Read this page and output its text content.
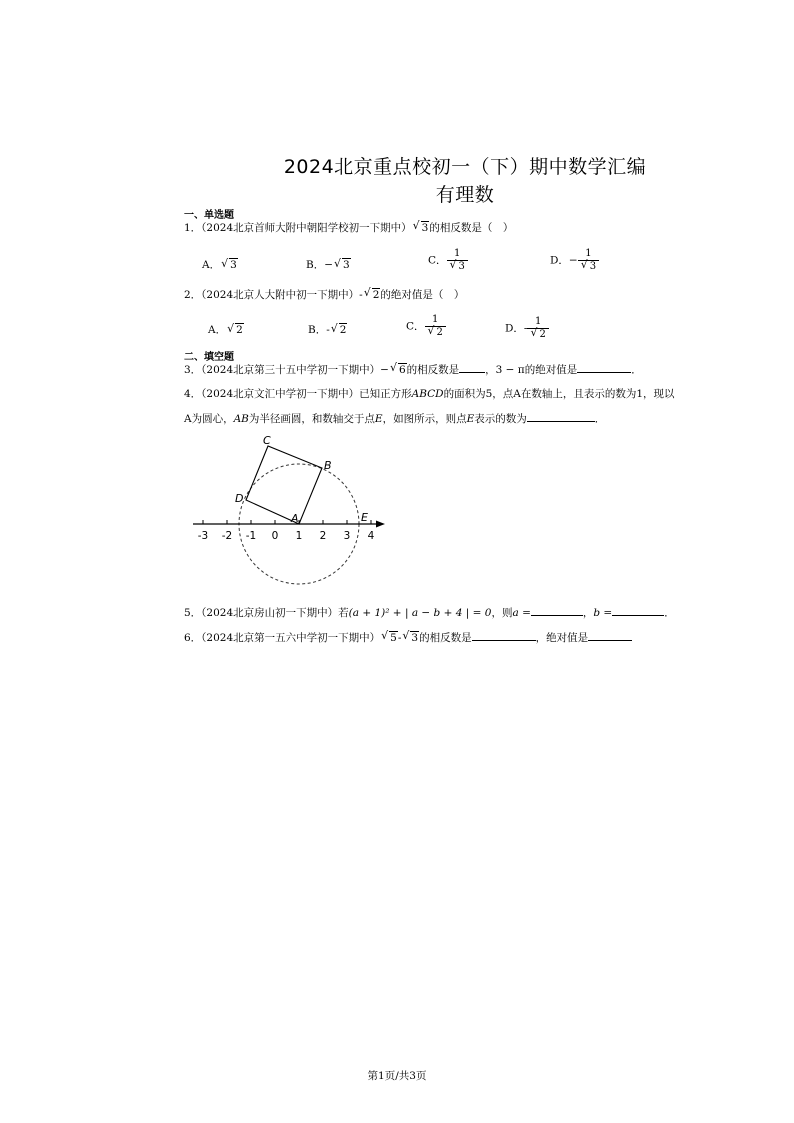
2024北京重点校初一（下）期中数学汇编
有理数
一、单选题
1．（2024北京首师大附中朝阳学校初一下期中） √ 3的相反数是（　）
A． √ 3	B．− √ 3	C． $\frac{1}{√ 3}$	D．− $\frac{1}{√ 3}$
2．（2024北京人大附中初一下期中）- √ 2的绝对值是（　）
A． √ 2	B．- √ 2	C． $\frac{1}{√ 2}$	D．- $\frac{1}{√ 2}$
二、填空题
3．（2024北京第三十五中学初一下期中）− √ 6的相反数是 ，3 − π的绝对值是	．
4．（2024北京文汇中学初一下期中）已知正方形ABCD的面积为5，点A在数轴上，且表示的数为1，现以
A为圆心，AB为半径画圆，和数轴交于点E，如图所示，则点E表示的数为	．
-3 -2 -1 0 1 2 3 4
C
B
D
A	E
5．（2024北京房山初一下期中）若(a + 1)² + | a − b + 4 | = 0，则a =	，b =	．
6．（2024北京第一五六中学初一下期中） √ 5- √ 3的相反数是	，绝对值是
第1页/共3页
